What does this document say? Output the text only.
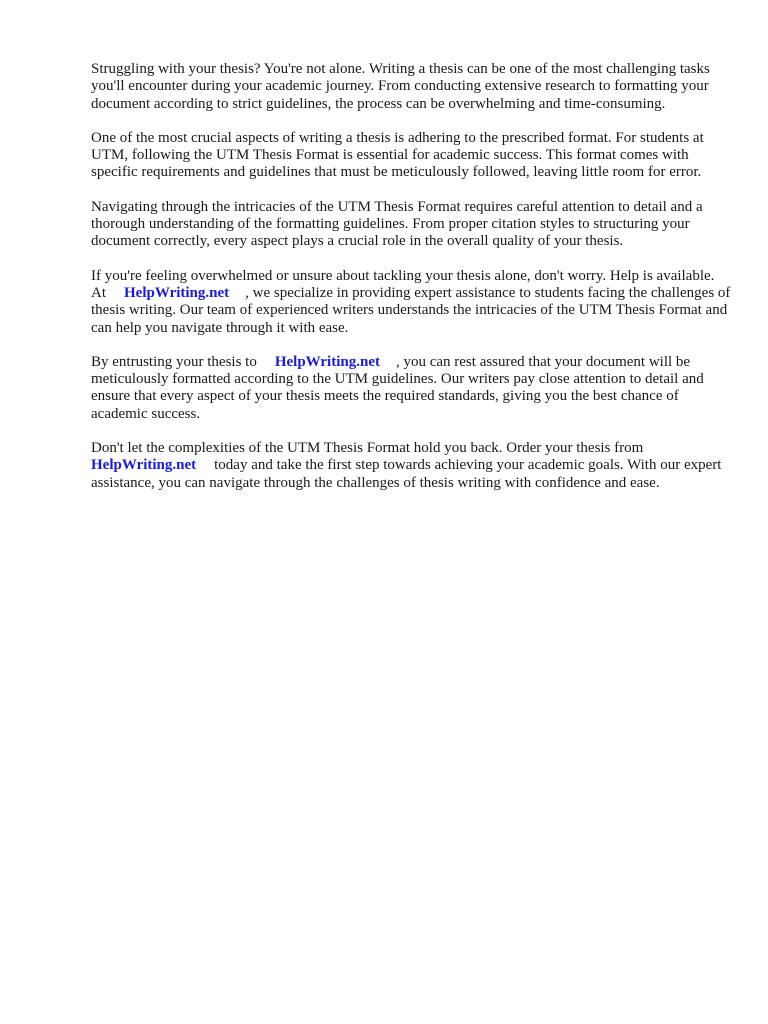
Struggling with your thesis? You're not alone. Writing a thesis can be one of the most challenging tasks you'll encounter during your academic journey. From conducting extensive research to formatting your document according to strict guidelines, the process can be overwhelming and time-consuming.

One of the most crucial aspects of writing a thesis is adhering to the prescribed format. For students at UTM, following the UTM Thesis Format is essential for academic success. This format comes with specific requirements and guidelines that must be meticulously followed, leaving little room for error.

Navigating through the intricacies of the UTM Thesis Format requires careful attention to detail and a thorough understanding of the formatting guidelines. From proper citation styles to structuring your document correctly, every aspect plays a crucial role in the overall quality of your thesis.

If you're feeling overwhelmed or unsure about tackling your thesis alone, don't worry. Help is available. At HelpWriting.net , we specialize in providing expert assistance to students facing the challenges of thesis writing. Our team of experienced writers understands the intricacies of the UTM Thesis Format and can help you navigate through it with ease.

By entrusting your thesis to HelpWriting.net , you can rest assured that your document will be meticulously formatted according to the UTM guidelines. Our writers pay close attention to detail and ensure that every aspect of your thesis meets the required standards, giving you the best chance of academic success.

Don't let the complexities of the UTM Thesis Format hold you back. Order your thesis from HelpWriting.net today and take the first step towards achieving your academic goals. With our expert assistance, you can navigate through the challenges of thesis writing with confidence and ease.
